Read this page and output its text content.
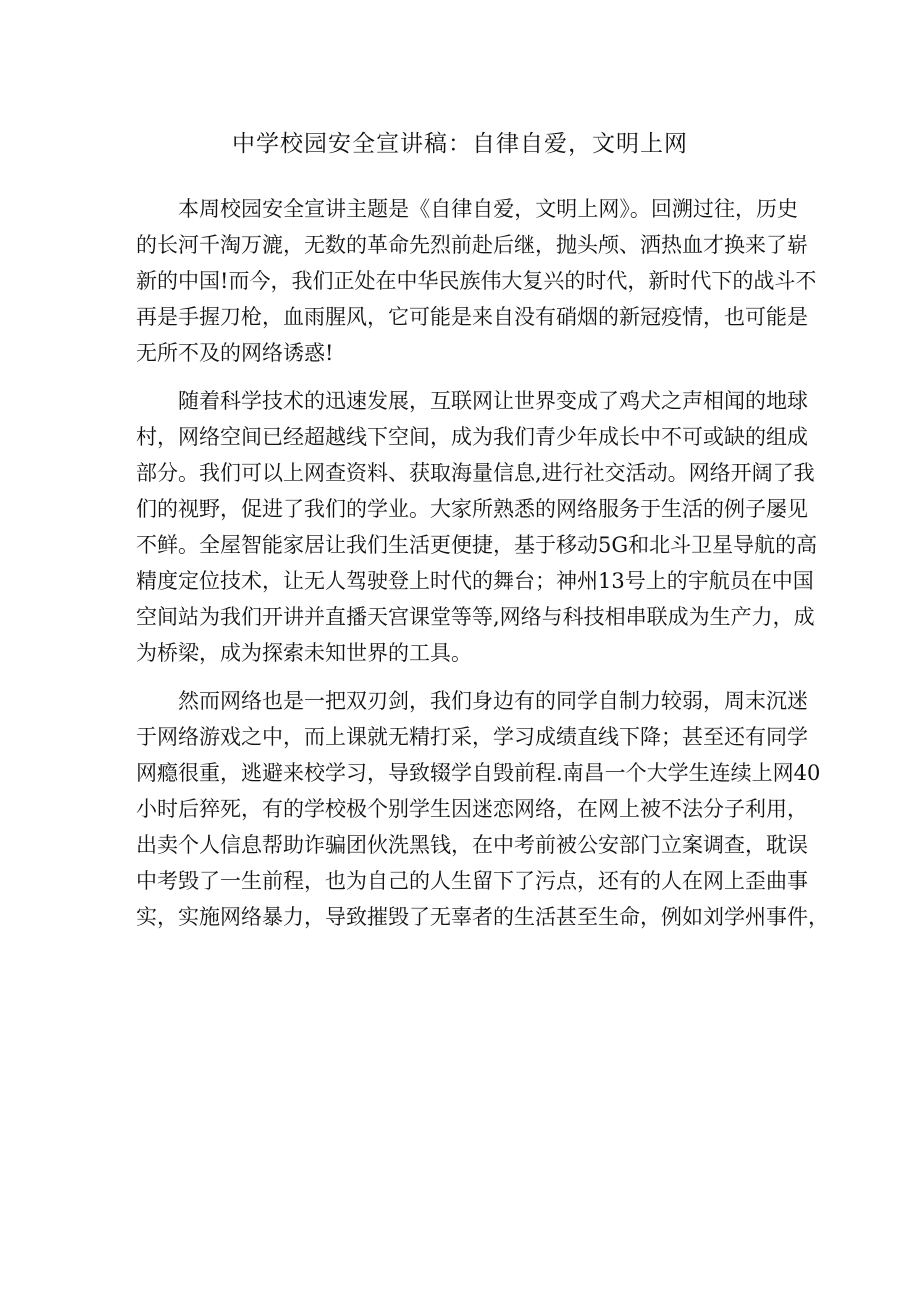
中学校园安全宣讲稿：自律自爱，文明上网
本周校园安全宣讲主题是《自律自爱，文明上网》。回溯过往，历史
的长河千淘万漉，无数的革命先烈前赴后继，抛头颅、洒热血才换来了崭
新的中国!而今，我们正处在中华民族伟大复兴的时代，新时代下的战斗不
再是手握刀枪，血雨腥风，它可能是来自没有硝烟的新冠疫情，也可能是
无所不及的网络诱惑!
随着科学技术的迅速发展，互联网让世界变成了鸡犬之声相闻的地球
村，网络空间已经超越线下空间，成为我们青少年成长中不可或缺的组成
部分。我们可以上网查资料、获取海量信息,进行社交活动。网络开阔了我
们的视野，促进了我们的学业。大家所熟悉的网络服务于生活的例子屡见
不鲜。全屋智能家居让我们生活更便捷，基于移动5G和北斗卫星导航的高
精度定位技术，让无人驾驶登上时代的舞台；神州13号上的宇航员在中国
空间站为我们开讲并直播天宫课堂等等,网络与科技相串联成为生产力，成
为桥梁，成为探索未知世界的工具。
然而网络也是一把双刃剑，我们身边有的同学自制力较弱，周末沉迷
于网络游戏之中，而上课就无精打采，学习成绩直线下降；甚至还有同学
网瘾很重，逃避来校学习，导致辍学自毁前程.南昌一个大学生连续上网40
小时后猝死，有的学校极个别学生因迷恋网络，在网上被不法分子利用，
出卖个人信息帮助诈骗团伙洗黑钱，在中考前被公安部门立案调查，耽误
中考毁了一生前程，也为自己的人生留下了污点，还有的人在网上歪曲事
实，实施网络暴力，导致摧毁了无辜者的生活甚至生命，例如刘学州事件，
